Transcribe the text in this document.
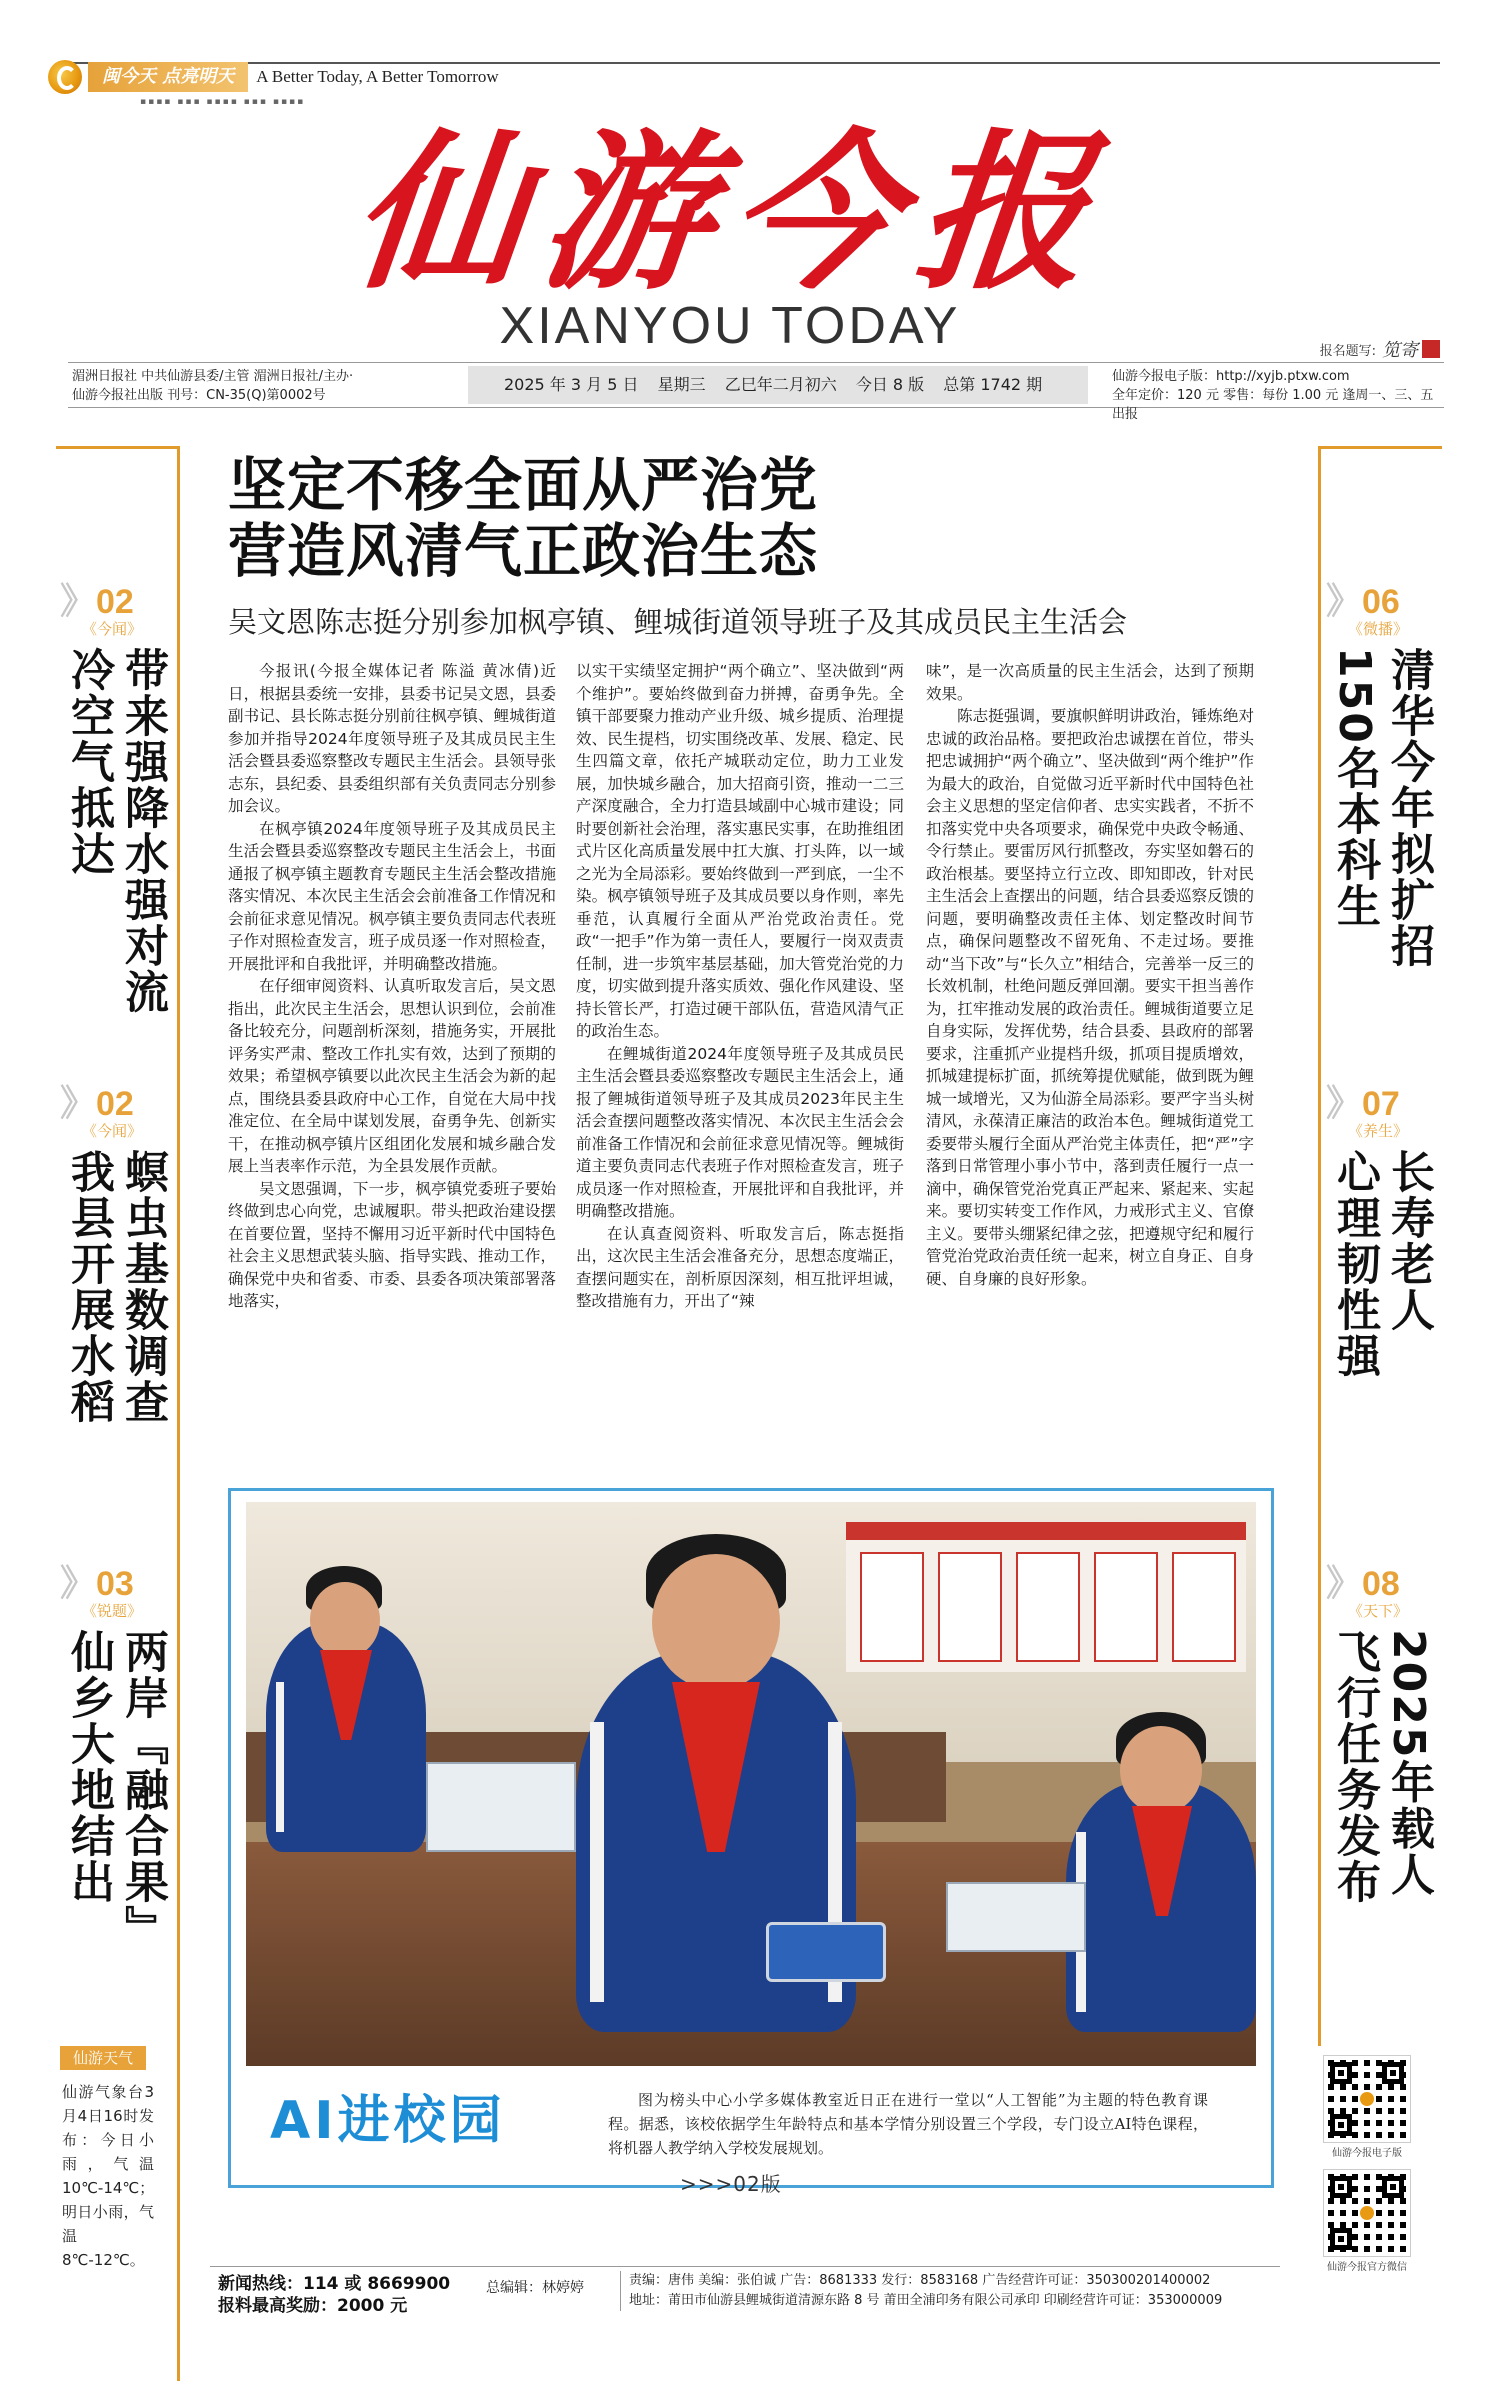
闽今天 点亮明天	A Better Today, A Better Tomorrow
▪▪▪▪ ▪▪▪ ▪▪▪▪ ▪▪▪ ▪▪▪▪
仙游今报
XIANYOU TODAY	报名题写: 笕寄
湄洲日报社 中共仙游县委/主管 湄洲日报社/主办·
仙游今报社出版 刊号：CN-35(Q)第0002号
2025 年 3 月 5 日 星期三 乙巳年二月初六 今日 8 版 总第 1742 期	仙游今报电子版：http://xyjb.ptxw.com
全年定价：120 元 零售：每份 1.00 元 逢周一、三、五出报
》 02
《今闻》
带来强降水强对流
冷空气抵达
》 02
《今闻》
螟虫基数调查
我县开展水稻
》 03
《锐题》
两岸『融合果』
仙乡大地结出
》 06
《微播》
清华今年拟扩招
150名本科生
》 07
《养生》
长寿老人
心理韧性强
》 08
《天下》
2025年载人
飞行任务发布
仙游天气
仙游气象台3月4日16时发布：今日小雨，气温10℃-14℃；明日小雨，气温8℃-12℃。
仙游今报电子版
仙游今报官方微信
坚定不移全面从严治党
营造风清气正政治生态
吴文恩陈志挺分别参加枫亭镇、鲤城街道领导班子及其成员民主生活会

今报讯(今报全媒体记者 陈溢 黄冰倩)近日，根据县委统一安排，县委书记吴文恩，县委副书记、县长陈志挺分别前往枫亭镇、鲤城街道参加并指导2024年度领导班子及其成员民主生活会暨县委巡察整改专题民主生活会。县领导张志东，县纪委、县委组织部有关负责同志分别参加会议。

在枫亭镇2024年度领导班子及其成员民主生活会暨县委巡察整改专题民主生活会上，书面通报了枫亭镇主题教育专题民主生活会整改措施落实情况、本次民主生活会会前准备工作情况和会前征求意见情况。枫亭镇主要负责同志代表班子作对照检查发言，班子成员逐一作对照检查，开展批评和自我批评，并明确整改措施。

在仔细审阅资料、认真听取发言后，吴文恩指出，此次民主生活会，思想认识到位，会前准备比较充分，问题剖析深刻，措施务实，开展批评务实严肃、整改工作扎实有效，达到了预期的效果；希望枫亭镇要以此次民主生活会为新的起点，围绕县委县政府中心工作，自觉在大局中找准定位、在全局中谋划发展，奋勇争先、创新实干，在推动枫亭镇片区组团化发展和城乡融合发展上当表率作示范，为全县发展作贡献。

吴文恩强调，下一步，枫亭镇党委班子要始终做到忠心向党，忠诚履职。带头把政治建设摆在首要位置，坚持不懈用习近平新时代中国特色社会主义思想武装头脑、指导实践、推动工作，确保党中央和省委、市委、县委各项决策部署落地落实，

以实干实绩坚定拥护“两个确立”、坚决做到“两个维护”。要始终做到奋力拼搏，奋勇争先。全镇干部要聚力推动产业升级、城乡提质、治理提效、民生提档，切实围绕改革、发展、稳定、民生四篇文章，依托产城联动定位，助力工业发展，加快城乡融合，加大招商引资，推动一二三产深度融合，全力打造县域副中心城市建设；同时要创新社会治理，落实惠民实事，在助推组团式片区化高质量发展中扛大旗、打头阵，以一域之光为全局添彩。要始终做到一严到底，一尘不染。枫亭镇领导班子及其成员要以身作则，率先垂范，认真履行全面从严治党政治责任。党政“一把手”作为第一责任人，要履行一岗双责责任制，进一步筑牢基层基础，加大管党治党的力度，切实做到提升落实质效、强化作风建设、坚持长管长严，打造过硬干部队伍，营造风清气正的政治生态。

在鲤城街道2024年度领导班子及其成员民主生活会暨县委巡察整改专题民主生活会上，通报了鲤城街道领导班子及其成员2023年民主生活会查摆问题整改落实情况、本次民主生活会会前准备工作情况和会前征求意见情况等。鲤城街道主要负责同志代表班子作对照检查发言，班子成员逐一作对照检查，开展批评和自我批评，并明确整改措施。

在认真查阅资料、听取发言后，陈志挺指出，这次民主生活会准备充分，思想态度端正，查摆问题实在，剖析原因深刻，相互批评坦诚，整改措施有力，开出了“辣

味”，是一次高质量的民主生活会，达到了预期效果。

陈志挺强调，要旗帜鲜明讲政治，锤炼绝对忠诚的政治品格。要把政治忠诚摆在首位，带头把忠诚拥护“两个确立”、坚决做到“两个维护”作为最大的政治，自觉做习近平新时代中国特色社会主义思想的坚定信仰者、忠实实践者，不折不扣落实党中央各项要求，确保党中央政令畅通、令行禁止。要雷厉风行抓整改，夯实坚如磐石的政治根基。要坚持立行立改、即知即改，针对民主生活会上查摆出的问题，结合县委巡察反馈的问题，要明确整改责任主体、划定整改时间节点，确保问题整改不留死角、不走过场。要推动“当下改”与“长久立”相结合，完善举一反三的长效机制，杜绝问题反弹回潮。要实干担当善作为，扛牢推动发展的政治责任。鲤城街道要立足自身实际，发挥优势，结合县委、县政府的部署要求，注重抓产业提档升级，抓项目提质增效，抓城建提标扩面，抓统筹提优赋能，做到既为鲤城一域增光，又为仙游全局添彩。要严字当头树清风，永葆清正廉洁的政治本色。鲤城街道党工委要带头履行全面从严治党主体责任，把“严”字落到日常管理小事小节中，落到责任履行一点一滴中，确保管党治党真正严起来、紧起来、实起来。要切实转变工作作风，力戒形式主义、官僚主义。要带头绷紧纪律之弦，把遵规守纪和履行管党治党政治责任统一起来，树立自身正、自身硬、自身廉的良好形象。

AI进校园	图为榜头中心小学多媒体教室近日正在进行一堂以“人工智能”为主题的特色教育课程。据悉，该校依据学生年龄特点和基本学情分别设置三个学段，专门设立AI特色课程，将机器人教学纳入学校发展规划。
>>>02版
新闻热线：114 或 8669900
报料最高奖励：2000 元
总编辑：林婷婷	责编：唐伟 美编：张伯诚 广告：8681333 发行：8583168 广告经营许可证：350300201400002
地址：莆田市仙游县鲤城街道清源东路 8 号 莆田全浦印务有限公司承印 印刷经营许可证：353000009
